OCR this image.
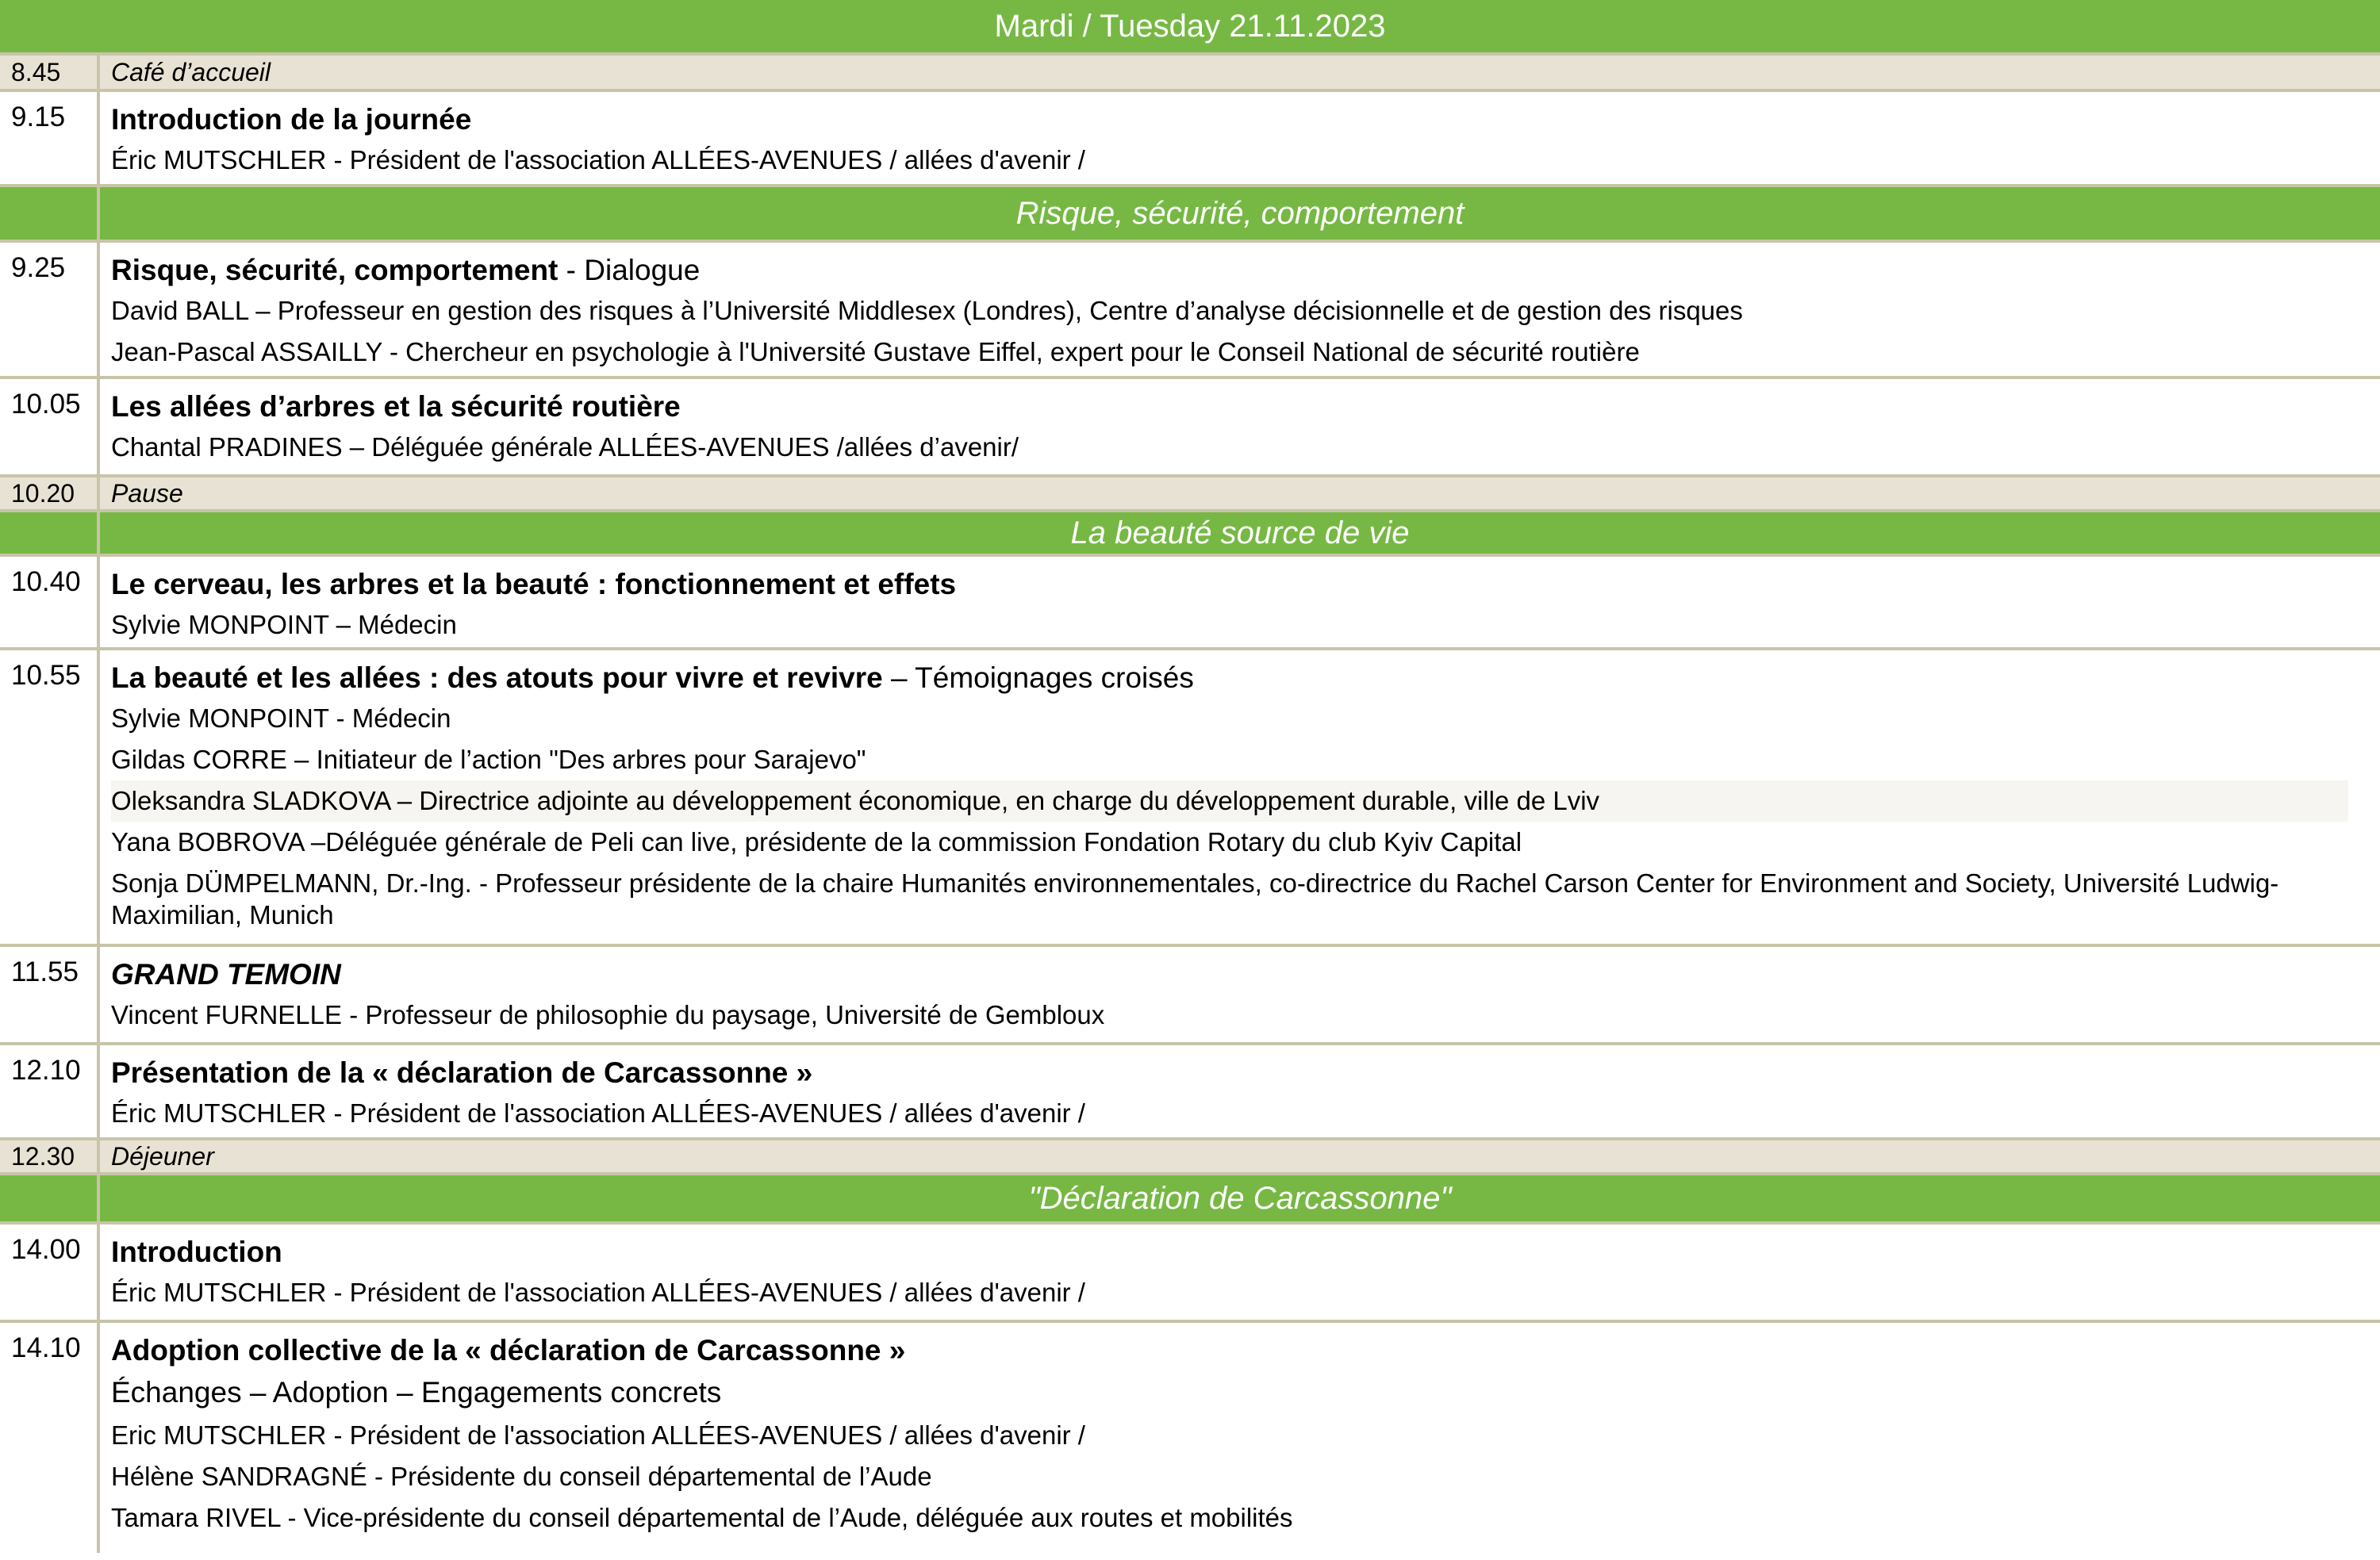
Mardi / Tuesday 21.11.2023
8.45	Café d’accueil
9.15	Introduction de la journée
Éric MUTSCHLER - Président de l'association ALLÉES-AVENUES / allées d'avenir /
Risque, sécurité, comportement
9.25	Risque, sécurité, comportement - Dialogue
David BALL – Professeur en gestion des risques à l’Université Middlesex (Londres), Centre d’analyse décisionnelle et de gestion des risques
Jean-Pascal ASSAILLY - Chercheur en psychologie à l'Université Gustave Eiffel, expert pour le Conseil National de sécurité routière
10.05	Les allées d’arbres et la sécurité routière
Chantal PRADINES – Déléguée générale ALLÉES-AVENUES /allées d’avenir/
10.20	Pause
La beauté source de vie
10.40	Le cerveau, les arbres et la beauté : fonctionnement et effets
Sylvie MONPOINT – Médecin
10.55	La beauté et les allées : des atouts pour vivre et revivre – Témoignages croisés
Sylvie MONPOINT - Médecin
Gildas CORRE – Initiateur de l’action "Des arbres pour Sarajevo"
Oleksandra SLADKOVA – Directrice adjointe au développement économique, en charge du développement durable, ville de Lviv
Yana BOBROVA –Déléguée générale de Peli can live, présidente de la commission Fondation Rotary du club Kyiv Capital
Sonja DÜMPELMANN, Dr.-Ing. - Professeur présidente de la chaire Humanités environnementales, co-directrice du Rachel Carson Center for Environment and Society, Université Ludwig-Maximilian, Munich
11.55	GRAND TEMOIN
Vincent FURNELLE - Professeur de philosophie du paysage, Université de Gembloux
12.10	Présentation de la « déclaration de Carcassonne »
Éric MUTSCHLER - Président de l'association ALLÉES-AVENUES / allées d'avenir /
12.30	Déjeuner
"Déclaration de Carcassonne"
14.00	Introduction
Éric MUTSCHLER - Président de l'association ALLÉES-AVENUES / allées d'avenir /
14.10	Adoption collective de la « déclaration de Carcassonne »
Échanges – Adoption – Engagements concrets
Eric MUTSCHLER - Président de l'association ALLÉES-AVENUES / allées d'avenir /
Hélène SANDRAGNÉ - Présidente du conseil départemental de l’Aude
Tamara RIVEL - Vice-présidente du conseil départemental de l’Aude, déléguée aux routes et mobilités
